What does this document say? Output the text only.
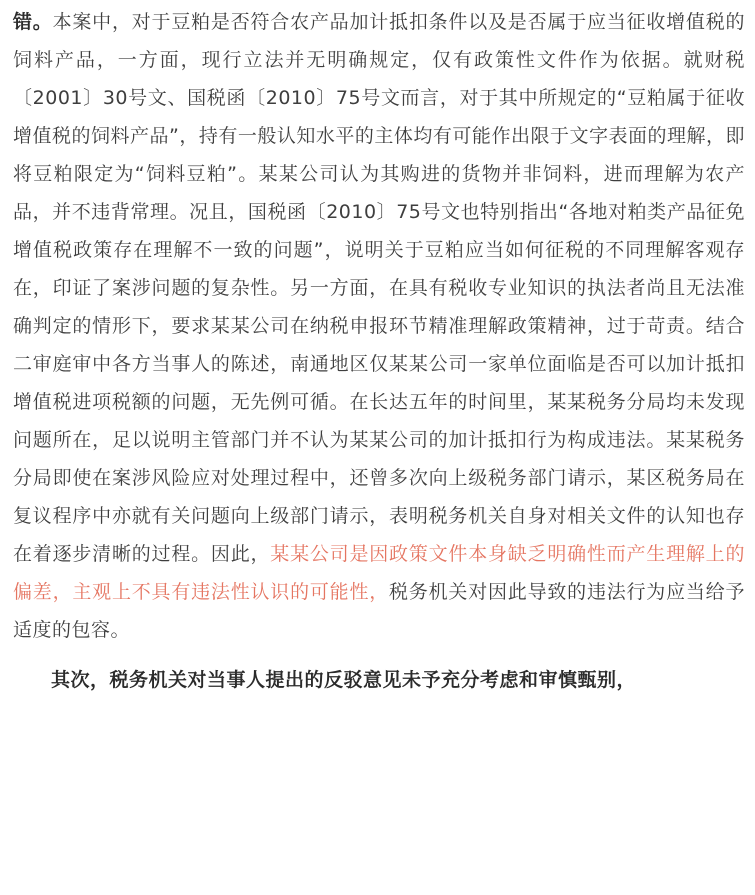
错。本案中，对于豆粕是否符合农产品加计抵扣条件以及是否属于应当征收增值税的饲料产品，一方面，现行立法并无明确规定，仅有政策性文件作为依据。就财税〔2001〕30号文、国税函〔2010〕75号文而言，对于其中所规定的“豆粕属于征收增值税的饲料产品”，持有一般认知水平的主体均有可能作出限于文字表面的理解，即将豆粕限定为“饲料豆粕”。某某公司认为其购进的货物并非饲料，进而理解为农产品，并不违背常理。况且，国税函〔2010〕75号文也特别指出“各地对粕类产品征免增值税政策存在理解不一致的问题”，说明关于豆粕应当如何征税的不同理解客观存在，印证了案涉问题的复杂性。另一方面，在具有税收专业知识的执法者尚且无法准确判定的情形下，要求某某公司在纳税申报环节精准理解政策精神，过于苛责。结合二审庭审中各方当事人的陈述，南通地区仅某某公司一家单位面临是否可以加计抵扣增值税进项税额的问题，无先例可循。在长达五年的时间里，某某税务分局均未发现问题所在，足以说明主管部门并不认为某某公司的加计抵扣行为构成违法。某某税务分局即使在案涉风险应对处理过程中，还曾多次向上级税务部门请示，某区税务局在复议程序中亦就有关问题向上级部门请示，表明税务机关自身对相关文件的认知也存在着逐步清晰的过程。因此，某某公司是因政策文件本身缺乏明确性而产生理解上的偏差，主观上不具有违法性认识的可能性，税务机关对因此导致的违法行为应当给予适度的包容。

其次，税务机关对当事人提出的反驳意见未予充分考虑和审慎甄别，
